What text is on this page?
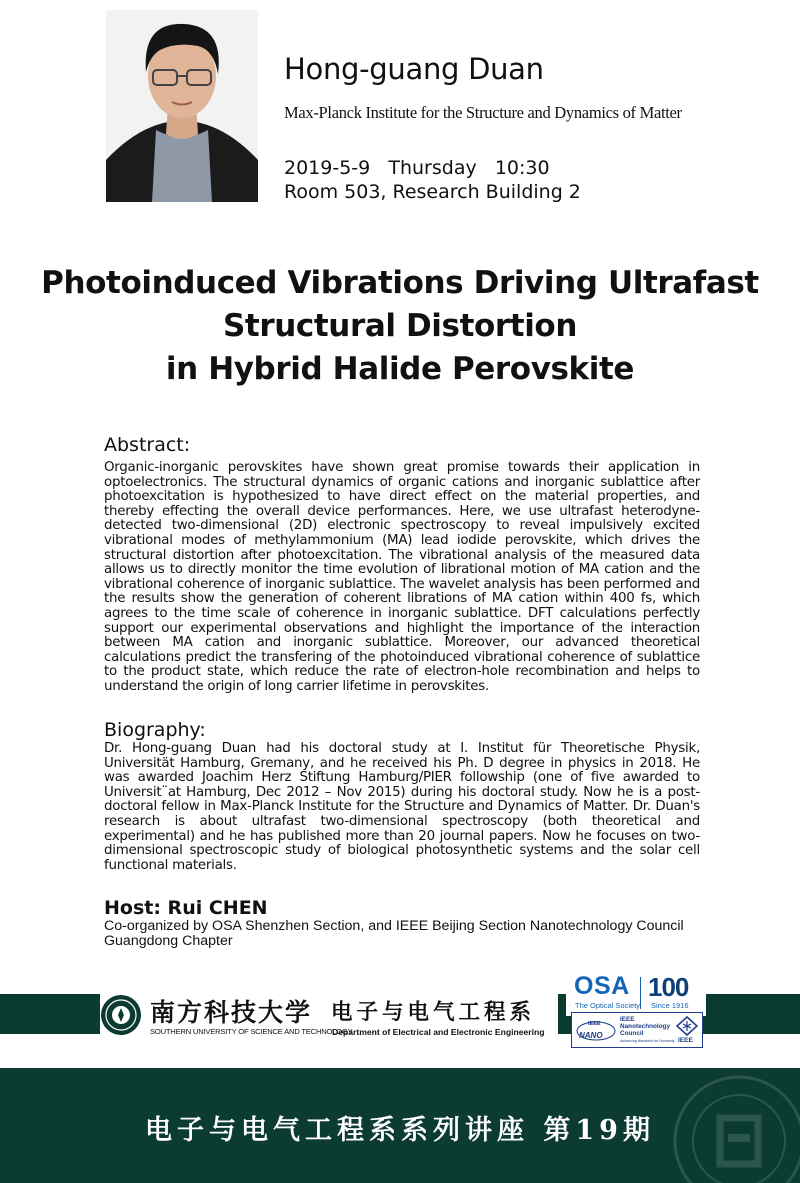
Hong-guang Duan
Max-Planck Institute for the Structure and Dynamics of Matter
2019-5-9   Thursday   10:30
Room 503, Research Building 2
Photoinduced Vibrations Driving Ultrafast
Structural Distortion
in Hybrid Halide Perovskite
Abstract:

Organic-inorganic perovskites have shown great promise towards their application in optoelectronics. The structural dynamics of organic cations and inorganic sublattice after photoexcitation is hypothesized to have direct effect on the material properties, and thereby effecting the overall device performances. Here, we use ultrafast heterodyne-detected two-dimensional (2D) electronic spectroscopy to reveal impulsively excited vibrational modes of methylammonium (MA) lead iodide perovskite, which drives the structural distortion after photoexcitation. The vibrational analysis of the measured data allows us to directly monitor the time evolution of librational motion of MA cation and the vibrational coherence of inorganic sublattice. The wavelet analysis has been performed and the results show the generation of coherent librations of MA cation within 400 fs, which agrees to the time scale of coherence in inorganic sublattice. DFT calculations perfectly support our experimental observations and highlight the importance of the interaction between MA cation and inorganic sublattice. Moreover, our advanced theoretical calculations predict the transfering of the photoinduced vibrational coherence of sublattice to the product state, which reduce the rate of electron-hole recombination and helps to understand the origin of long carrier lifetime in perovskites.

Biography:

Dr. Hong-guang Duan had his doctoral study at I. Institut für Theoretische Physik, Universität Hamburg, Gremany, and he received his Ph. D degree in physics in 2018. He was awarded Joachim Herz Stiftung Hamburg/PIER followship (one of five awarded to Universit¨at Hamburg, Dec 2012 – Nov 2015) during his doctoral study. Now he is a post-doctoral fellow in Max-Planck Institute for the Structure and Dynamics of Matter. Dr. Duan's research is about ultrafast two-dimensional spectroscopy (both theoretical and experimental) and he has published more than 20 journal papers. Now he focuses on two-dimensional spectroscopic study of biological photosynthetic systems and the solar cell functional materials.

Host: Rui CHEN
Co-organized by OSA Shenzhen Section, and IEEE Beijing Section Nanotechnology Council Guangdong Chapter
南方科技大学
SOUTHERN UNIVERSITY OF SCIENCE AND TECHNOLOGY
电子与电气工程系
Department of Electrical and Electronic Engineering
OSA
The Optical Society
100
Since 1916
IEEE
NANO
IEEE
Nanotechnology
Council
Advancing Nanotech for Humanity IEEE
电子与电气工程系系列讲座 第19期
